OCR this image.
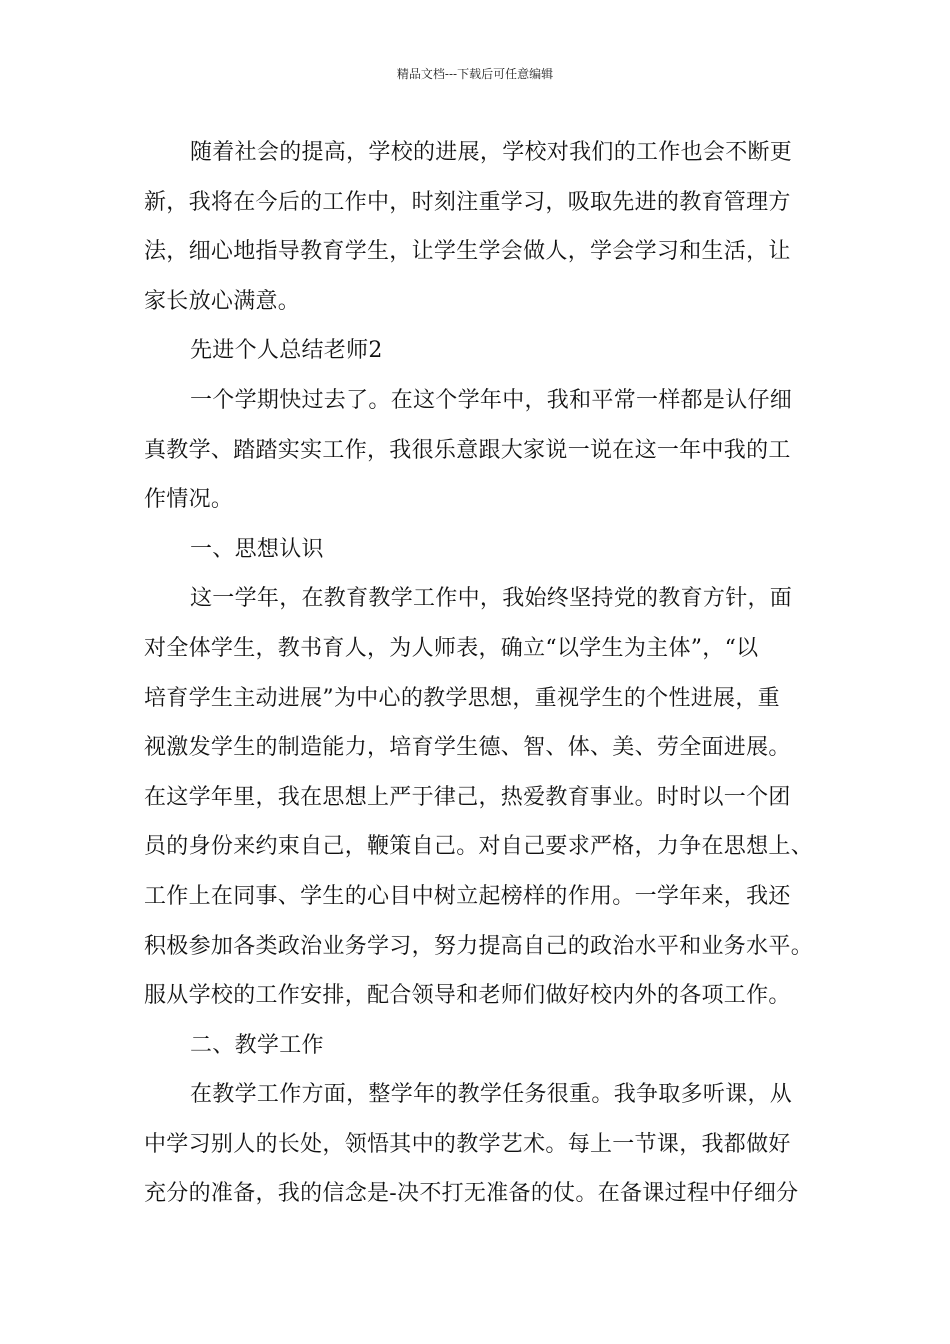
精品文档---下载后可任意编辑
随着社会的提高，学校的进展，学校对我们的工作也会不断更
新，我将在今后的工作中，时刻注重学习，吸取先进的教育管理方
法，细心地指导教育学生，让学生学会做人，学会学习和生活，让
家长放心满意。
先进个人总结老师2
一个学期快过去了。在这个学年中，我和平常一样都是认仔细
真教学、踏踏实实工作，我很乐意跟大家说一说在这一年中我的工
作情况。
一、思想认识
这一学年，在教育教学工作中，我始终坚持党的教育方针，面
对全体学生，教书育人，为人师表，确立“以学生为主体”，“以
培育学生主动进展”为中心的教学思想，重视学生的个性进展，重
视激发学生的制造能力，培育学生德、智、体、美、劳全面进展。
在这学年里，我在思想上严于律己，热爱教育事业。时时以一个团
员的身份来约束自己，鞭策自己。对自己要求严格，力争在思想上、
工作上在同事、学生的心目中树立起榜样的作用。一学年来，我还
积极参加各类政治业务学习，努力提高自己的政治水平和业务水平。
服从学校的工作安排，配合领导和老师们做好校内外的各项工作。
二、教学工作
在教学工作方面，整学年的教学任务很重。我争取多听课，从
中学习别人的长处，领悟其中的教学艺术。每上一节课，我都做好
充分的准备，我的信念是-决不打无准备的仗。在备课过程中仔细分
